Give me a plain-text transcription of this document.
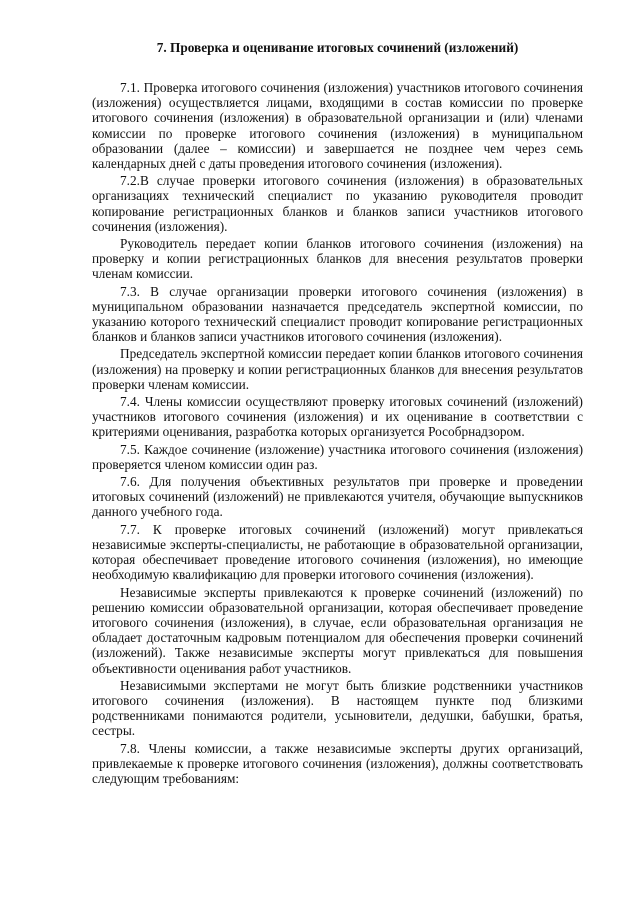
7. Проверка и оценивание итоговых сочинений (изложений)

7.1. Проверка итогового сочинения (изложения) участников итогового сочинения (изложения) осуществляется лицами, входящими в состав комиссии по проверке итогового сочинения (изложения) в образовательной организации и (или) членами комиссии по проверке итогового сочинения (изложения) в муниципальном образовании (далее – комиссии) и завершается не позднее чем через семь календарных дней с даты проведения итогового сочинения (изложения).

7.2.В случае проверки итогового сочинения (изложения) в образовательных организациях технический специалист по указанию руководителя проводит копирование регистрационных бланков и бланков записи участников итогового сочинения (изложения).

Руководитель передает копии бланков итогового сочинения (изложения) на проверку и копии регистрационных бланков для внесения результатов проверки членам комиссии.

7.3. В случае организации проверки итогового сочинения (изложения) в муниципальном образовании назначается председатель экспертной комиссии, по указанию которого технический специалист проводит копирование регистрационных бланков и бланков записи участников итогового сочинения (изложения).

Председатель экспертной комиссии передает копии бланков итогового сочинения (изложения) на проверку и копии регистрационных бланков для внесения результатов проверки членам комиссии.

7.4. Члены комиссии осуществляют проверку итоговых сочинений (изложений) участников итогового сочинения (изложения) и их оценивание в соответствии с критериями оценивания, разработка которых организуется Рособрнадзором.

7.5. Каждое сочинение (изложение) участника итогового сочинения (изложения) проверяется членом комиссии один раз.

7.6. Для получения объективных результатов при проверке и проведении итоговых сочинений (изложений) не привлекаются учителя, обучающие выпускников данного учебного года.

7.7. К проверке итоговых сочинений (изложений) могут привлекаться независимые эксперты-специалисты, не работающие в образовательной организации, которая обеспечивает проведение итогового сочинения (изложения), но имеющие необходимую квалификацию для проверки итогового сочинения (изложения).

Независимые эксперты привлекаются к проверке сочинений (изложений) по решению комиссии образовательной организации, которая обеспечивает проведение итогового сочинения (изложения), в случае, если образовательная организация не обладает достаточным кадровым потенциалом для обеспечения проверки сочинений (изложений). Также независимые эксперты могут привлекаться для повышения объективности оценивания работ участников.

Независимыми экспертами не могут быть близкие родственники участников итогового сочинения (изложения). В настоящем пункте под близкими родственниками понимаются родители, усыновители, дедушки, бабушки, братья, сестры.

7.8. Члены комиссии, а также независимые эксперты других организаций, привлекаемые к проверке итогового сочинения (изложения), должны соответствовать следующим требованиям:
